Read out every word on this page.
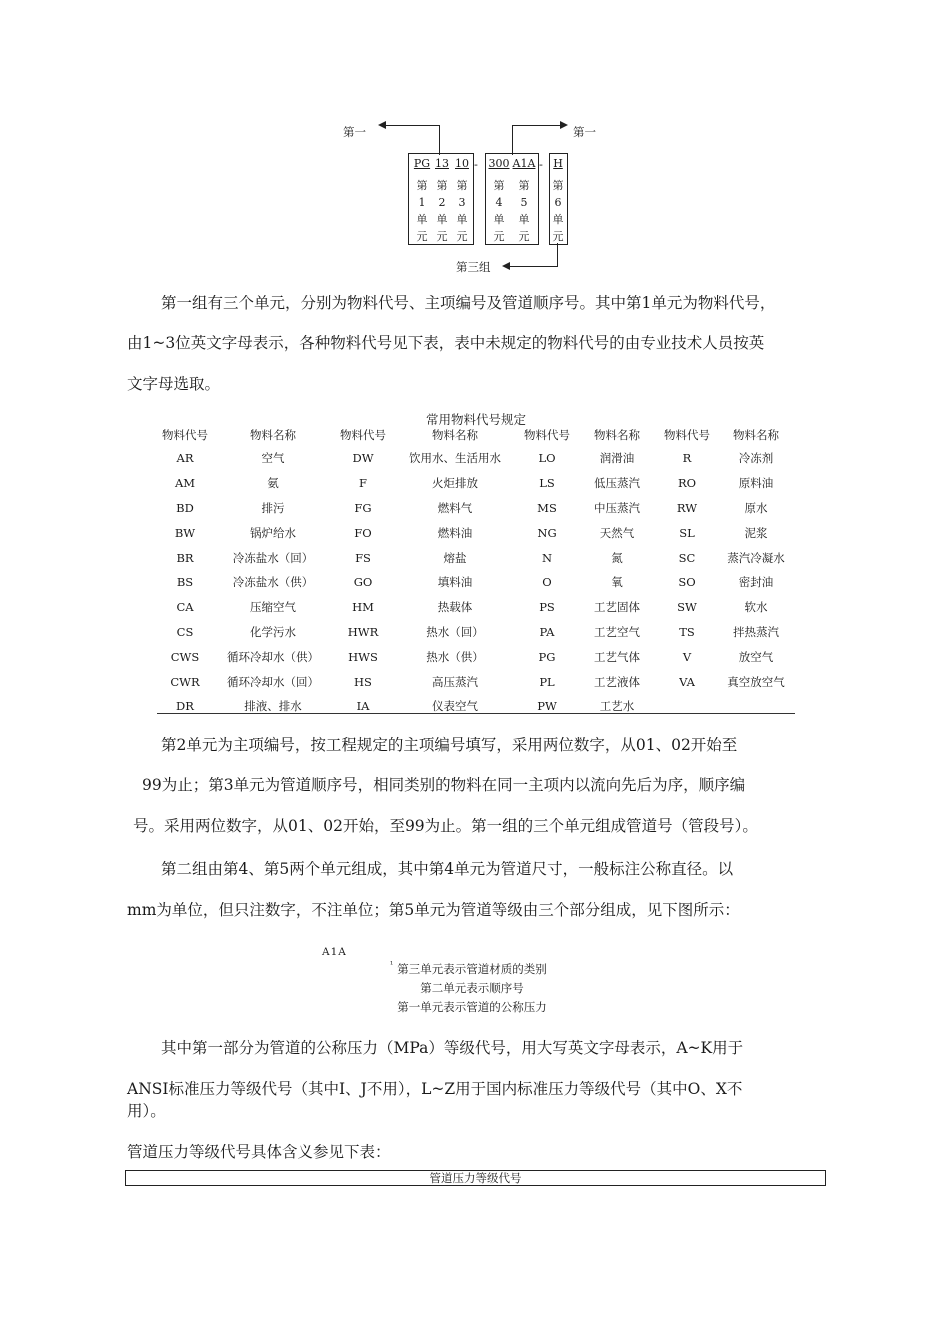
第一	第一
PG 13 10
第
1
单
元
第
2
单
元
第
3
单
元
- 300 A1A
第
4
单
元
第
5
单
元
- H
第
6
单
元
第三组
第一组有三个单元，分别为物料代号、主项编号及管道顺序号。其中第1单元为物料代号，
由1~3位英文字母表示，各种物料代号见下表，表中未规定的物料代号的由专业技术人员按英
文字母选取。
常用物料代号规定
物料代号	物料名称	物料代号	物料名称	物料代号	物料名称	物料代号	物料名称
AR	空气	DW	饮用水、生活用水	LO	润滑油	R	冷冻剂
AM	氨	F	火炬排放	LS	低压蒸汽	RO	原料油
BD	排污	FG	燃料气	MS	中压蒸汽	RW	原水
BW	锅炉给水	FO	燃料油	NG	天然气	SL	泥浆
BR	冷冻盐水（回）	FS	熔盐	N	氮	SC	蒸汽冷凝水
BS	冷冻盐水（供）	GO	填料油	O	氧	SO	密封油
CA	压缩空气	HM	热载体	PS	工艺固体	SW	软水
CS	化学污水	HWR	热水（回）	PA	工艺空气	TS	拌热蒸汽
CWS	循环冷却水（供）	HWS	热水（供）	PG	工艺气体	V	放空气
CWR	循环冷却水（回）	HS	高压蒸汽	PL	工艺液体	VA	真空放空气
DR	排液、排水	IA	仪表空气	PW	工艺水		
第2单元为主项编号，按工程规定的主项编号填写，采用两位数字，从01、02开始至
99为止；第3单元为管道顺序号，相同类别的物料在同一主项内以流向先后为序，顺序编
号。采用两位数字，从01、02开始，至99为止。第一组的三个单元组成管道号（管段号）。
第二组由第4、第5两个单元组成，其中第4单元为管道尺寸，一般标注公称直径。以
mm为单位，但只注数字，不注单位；第5单元为管道等级由三个部分组成，见下图所示：
A1A
¹ 第三单元表示管道材质的类别
第二单元表示顺序号
第一单元表示管道的公称压力
其中第一部分为管道的公称压力（MPa）等级代号，用大写英文字母表示，A~K用于
ANSI标准压力等级代号（其中I、J不用），L~Z用于国内标准压力等级代号（其中O、X不
用）。
管道压力等级代号具体含义参见下表：
管道压力等级代号
